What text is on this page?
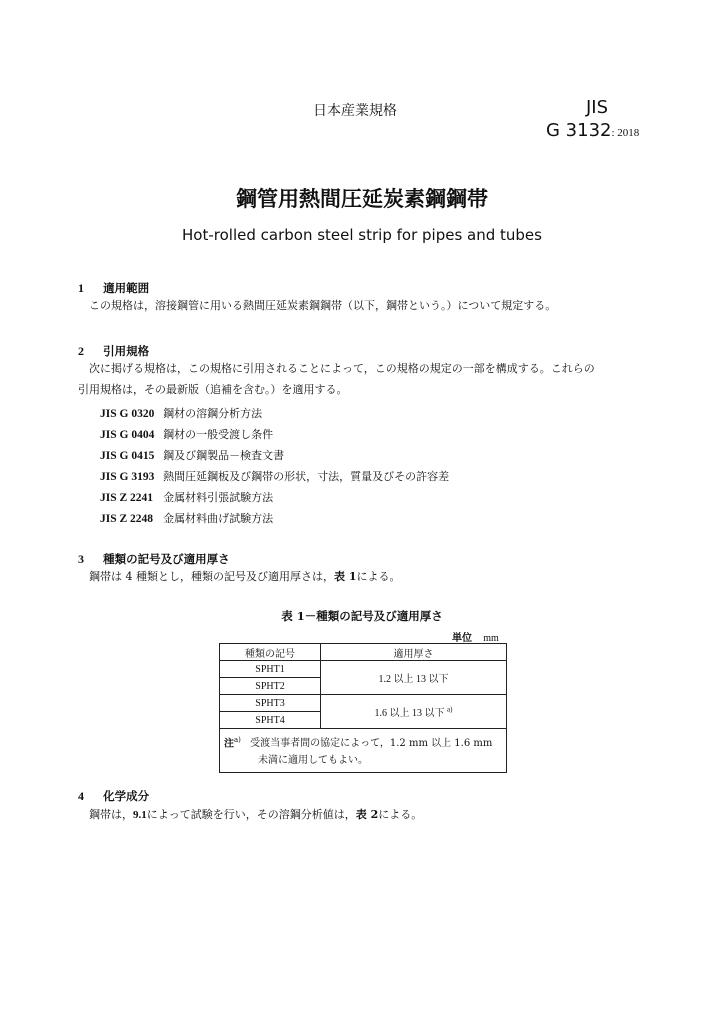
日本産業規格	JIS
G 3132: 2018
鋼管用熱間圧延炭素鋼鋼帯
Hot-rolled carbon steel strip for pipes and tubes
1 適用範囲
この規格は，溶接鋼管に用いる熱間圧延炭素鋼鋼帯（以下，鋼帯という。）について規定する。
2 引用規格
次に掲げる規格は，この規格に引用されることによって，この規格の規定の一部を構成する。これらの
引用規格は，その最新版（追補を含む。）を適用する。
JIS G 0320 鋼材の溶鋼分析方法
JIS G 0404 鋼材の一般受渡し条件
JIS G 0415 鋼及び鋼製品－検査文書
JIS G 3193 熱間圧延鋼板及び鋼帯の形状，寸法，質量及びその許容差
JIS Z 2241 金属材料引張試験方法
JIS Z 2248 金属材料曲げ試験方法
3 種類の記号及び適用厚さ
鋼帯は 4 種類とし，種類の記号及び適用厚さは，表 1による。
表 1－種類の記号及び適用厚さ
単位 mm
種類の記号	適用厚さ
SPHT1	1.2 以上 13 以下
SPHT2	
SPHT3	1.6 以上 13 以下 $^{a)}$
SPHT4	
注$^{a)}$ 受渡当事者間の協定によって，1.2 mm 以上 1.6 mm
未満に適用してもよい。	
4 化学成分
鋼帯は，9.1によって試験を行い，その溶鋼分析値は，表 2による。
